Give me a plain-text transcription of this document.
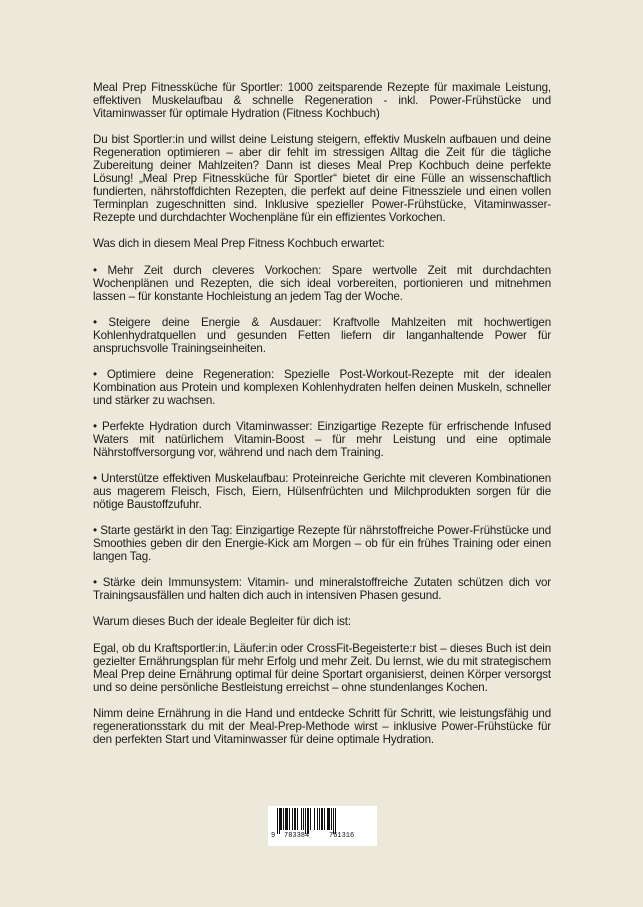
Meal Prep Fitnessküche für Sportler: 1000 zeitsparende Rezepte für maximale Leistung, effektiven Muskelaufbau & schnelle Regeneration - inkl. Power-Frühstücke und Vitaminwasser für optimale Hydration (Fitness Kochbuch)

Du bist Sportler:in und willst deine Leistung steigern, effektiv Muskeln aufbauen und deine Regeneration optimieren – aber dir fehlt im stressigen Alltag die Zeit für die tägliche Zubereitung deiner Mahlzeiten? Dann ist dieses Meal Prep Kochbuch deine perfekte Lösung! „Meal Prep Fitnessküche für Sportler“ bietet dir eine Fülle an wissenschaftlich fundierten, nährstoffdichten Rezepten, die perfekt auf deine Fitnessziele und einen vollen Terminplan zugeschnitten sind. Inklusive spezieller Power-Frühstücke, Vitaminwasser-Rezepte und durchdachter Wochenpläne für ein effizientes Vorkochen.

Was dich in diesem Meal Prep Fitness Kochbuch erwartet:

• Mehr Zeit durch cleveres Vorkochen: Spare wertvolle Zeit mit durchdachten Wochenplänen und Rezepten, die sich ideal vorbereiten, portionieren und mitnehmen lassen – für konstante Hochleistung an jedem Tag der Woche.

• Steigere deine Energie & Ausdauer: Kraftvolle Mahlzeiten mit hochwertigen Kohlenhydratquellen und gesunden Fetten liefern dir langanhaltende Power für anspruchsvolle Trainingseinheiten.

• Optimiere deine Regeneration: Spezielle Post-Workout-Rezepte mit der idealen Kombination aus Protein und komplexen Kohlenhydraten helfen deinen Muskeln, schneller und stärker zu wachsen.

• Perfekte Hydration durch Vitaminwasser: Einzigartige Rezepte für erfrischende Infused Waters mit natürlichem Vitamin-Boost – für mehr Leistung und eine optimale Nährstoffversorgung vor, während und nach dem Training.

• Unterstütze effektiven Muskelaufbau: Proteinreiche Gerichte mit cleveren Kombinationen aus magerem Fleisch, Fisch, Eiern, Hülsenfrüchten und Milchprodukten sorgen für die nötige Baustoffzufuhr.

• Starte gestärkt in den Tag: Einzigartige Rezepte für nährstoffreiche Power-Frühstücke und Smoothies geben dir den Energie-Kick am Morgen – ob für ein frühes Training oder einen langen Tag.

• Stärke dein Immunsystem: Vitamin- und mineralstoffreiche Zutaten schützen dich vor Trainingsausfällen und halten dich auch in intensiven Phasen gesund.

Warum dieses Buch der ideale Begleiter für dich ist:

Egal, ob du Kraftsportler:in, Läufer:in oder CrossFit-Begeisterte:r bist – dieses Buch ist dein gezielter Ernährungsplan für mehr Erfolg und mehr Zeit. Du lernst, wie du mit strategischem Meal Prep deine Ernährung optimal für deine Sportart organisierst, deinen Körper versorgst und so deine persönliche Bestleistung erreichst – ohne stundenlanges Kochen.

Nimm deine Ernährung in die Hand und entdecke Schritt für Schritt, wie leistungsfähig und regenerationsstark du mit der Meal-Prep-Methode wirst – inklusive Power-Frühstücke für den perfekten Start und Vitaminwasser für deine optimale Hydration.

9 783384	761316
